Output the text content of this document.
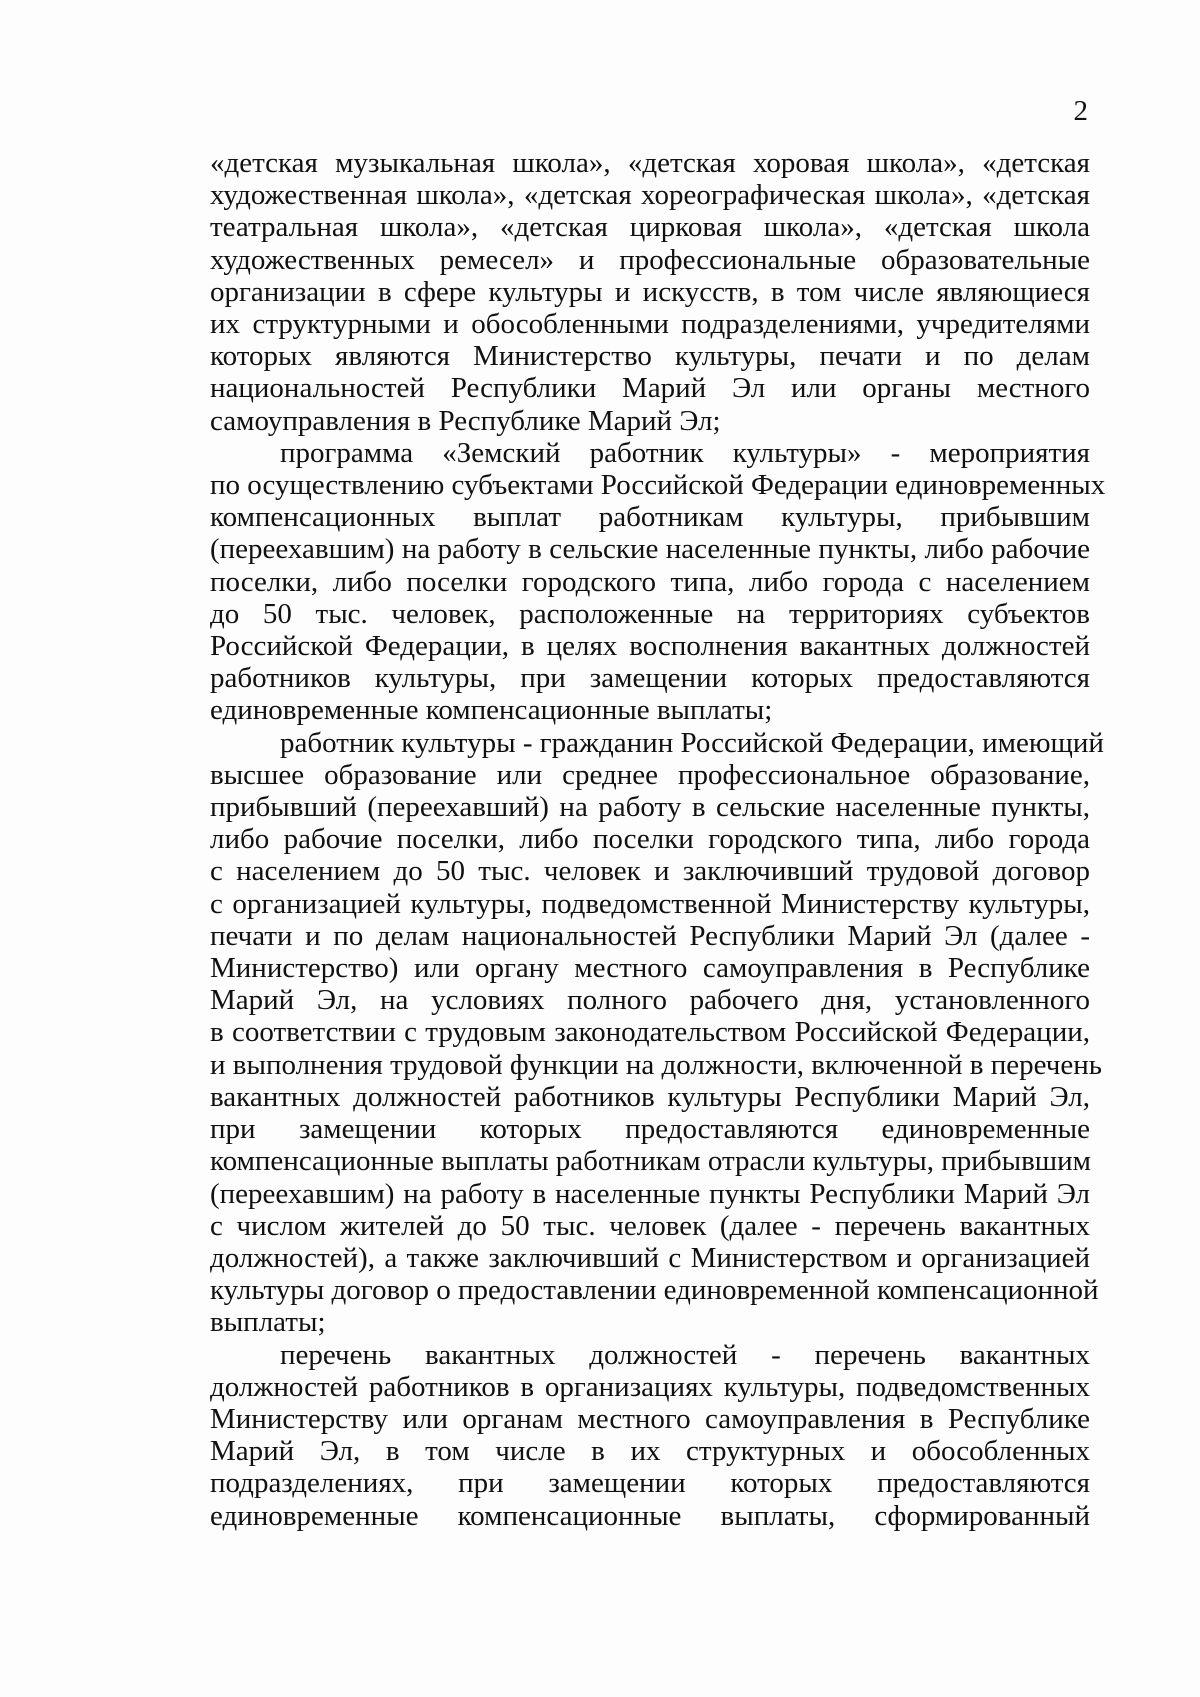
2
«детская музыкальная школа», «детская хоровая школа», «детская
художественная школа», «детская хореографическая школа», «детская
театральная школа», «детская цирковая школа», «детская школа
художественных ремесел» и профессиональные образовательные
организации в сфере культуры и искусств, в том числе являющиеся
их структурными и обособленными подразделениями, учредителями
которых являются Министерство культуры, печати и по делам
национальностей Республики Марий Эл или органы местного
самоуправления в Республике Марий Эл;
программа «Земский работник культуры» - мероприятия
по осуществлению субъектами Российской Федерации единовременных
компенсационных выплат работникам культуры, прибывшим
(переехавшим) на работу в сельские населенные пункты, либо рабочие
поселки, либо поселки городского типа, либо города с населением
до 50 тыс. человек, расположенные на территориях субъектов
Российской Федерации, в целях восполнения вакантных должностей
работников культуры, при замещении которых предоставляются
единовременные компенсационные выплаты;
работник культуры - гражданин Российской Федерации, имеющий
высшее образование или среднее профессиональное образование,
прибывший (переехавший) на работу в сельские населенные пункты,
либо рабочие поселки, либо поселки городского типа, либо города
с населением до 50 тыс. человек и заключивший трудовой договор
с организацией культуры, подведомственной Министерству культуры,
печати и по делам национальностей Республики Марий Эл (далее -
Министерство) или органу местного самоуправления в Республике
Марий Эл, на условиях полного рабочего дня, установленного
в соответствии с трудовым законодательством Российской Федерации,
и выполнения трудовой функции на должности, включенной в перечень
вакантных должностей работников культуры Республики Марий Эл,
при замещении которых предоставляются единовременные
компенсационные выплаты работникам отрасли культуры, прибывшим
(переехавшим) на работу в населенные пункты Республики Марий Эл
с числом жителей до 50 тыс. человек (далее - перечень вакантных
должностей), а также заключивший с Министерством и организацией
культуры договор о предоставлении единовременной компенсационной
выплаты;
перечень вакантных должностей - перечень вакантных
должностей работников в организациях культуры, подведомственных
Министерству или органам местного самоуправления в Республике
Марий Эл, в том числе в их структурных и обособленных
подразделениях, при замещении которых предоставляются
единовременные компенсационные выплаты, сформированный
